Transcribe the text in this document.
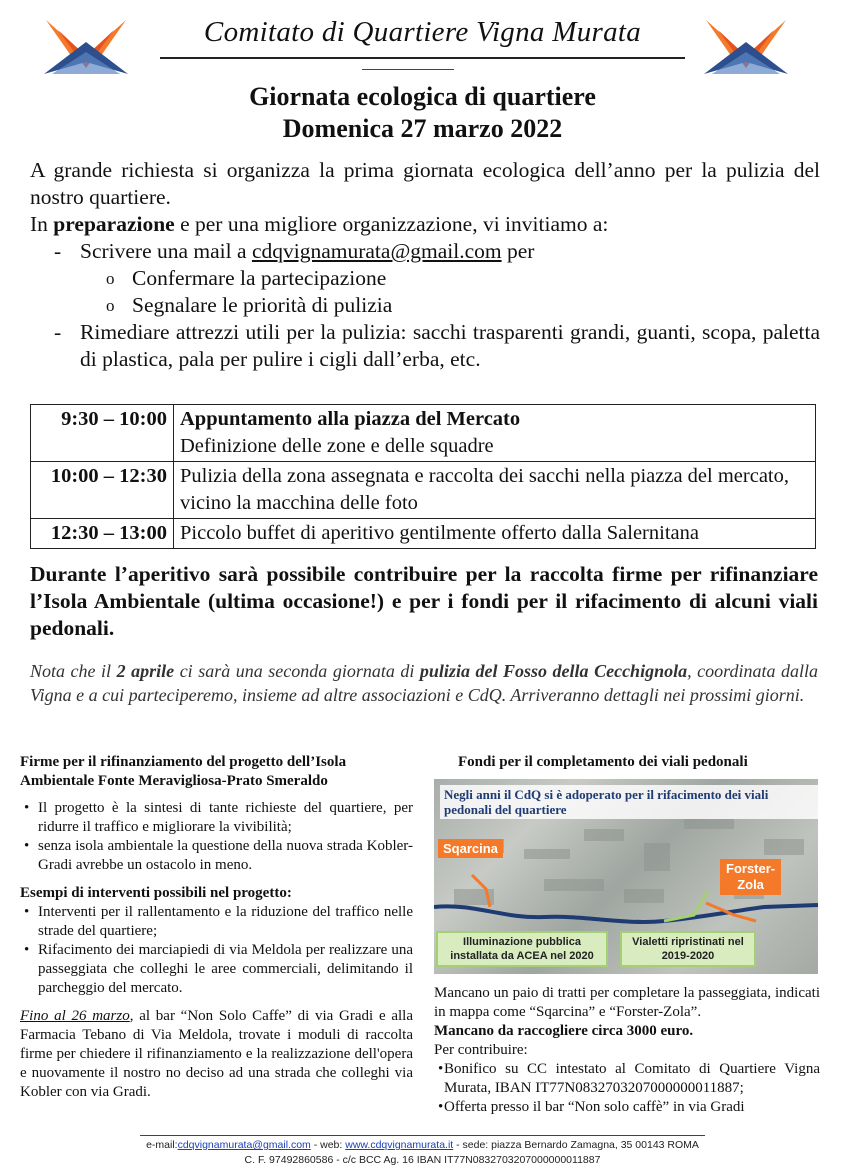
Comitato di Quartiere Vigna Murata
Giornata ecologica di quartiere
Domenica 27 marzo 2022
A grande richiesta si organizza la prima giornata ecologica dell’anno per la pulizia del nostro quartiere.
In preparazione e per una migliore organizzazione, vi invitiamo a:
- Scrivere una mail a cdqvignamurata@gmail.com per
o Confermare la partecipazione
o Segnalare le priorità di pulizia
- Rimediare attrezzi utili per la pulizia: sacchi trasparenti grandi, guanti, scopa, paletta di plastica, pala per pulire i cigli dall’erba, etc.
9:30 – 10:00	Appuntamento alla piazza del Mercato
Definizione delle zone e delle squadre
10:00 – 12:30	Pulizia della zona assegnata e raccolta dei sacchi nella piazza del mercato, vicino la macchina delle foto
12:30 – 13:00	Piccolo buffet di aperitivo gentilmente offerto dalla Salernitana
Durante l’aperitivo sarà possibile contribuire per la raccolta firme per rifinanziare l’Isola Ambientale (ultima occasione!) e per i fondi per il rifacimento di alcuni viali pedonali.
Nota che il 2 aprile ci sarà una seconda giornata di pulizia del Fosso della Cecchignola, coordinata dalla Vigna e a cui parteciperemo, insieme ad altre associazioni e CdQ. Arriveranno dettagli nei prossimi giorni.

Firme per il rifinanziamento del progetto dell’Isola Ambientale Fonte Meravigliosa-Prato Smeraldo

• Il progetto è la sintesi di tante richieste del quartiere, per ridurre il traffico e migliorare la vivibilità;
• senza isola ambientale la questione della nuova strada Kobler-Gradi avrebbe un ostacolo in meno.

Esempi di interventi possibili nel progetto:

• Interventi per il rallentamento e la riduzione del traffico nelle strade del quartiere;
• Rifacimento dei marciapiedi di via Meldola per realizzare una passeggiata che colleghi le aree commerciali, delimitando il parcheggio del mercato.

Fino al 26 marzo, al bar “Non Solo Caffe” di via Gradi e alla Farmacia Tebano di Via Meldola, trovate i moduli di raccolta firme per chiedere il rifinanziamento e la realizzazione dell'opera e nuovamente il nostro no deciso ad una strada che colleghi via Kobler con via Gradi.

Fondi per il completamento dei viali pedonali
Negli anni il CdQ si è adoperato per il rifacimento dei viali pedonali del quartiere
Sqarcina
Forster-
Zola
Illuminazione pubblica installata da ACEA nel 2020
Vialetti ripristinati nel 2019-2020

Mancano un paio di tratti per completare la passeggiata, indicati in mappa come “Sqarcina” e “Forster-Zola”.

Mancano da raccogliere circa 3000 euro.

Per contribuire:

• Bonifico su CC intestato al Comitato di Quartiere Vigna Murata, IBAN IT77N0832703207000000011887;
• Offerta presso il bar “Non solo caffè” in via Gradi
e-mail:cdqvignamurata@gmail.com - web: www.cdqvignamurata.it - sede: piazza Bernardo Zamagna, 35 00143 ROMA
C. F. 97492860586 - c/c BCC Ag. 16 IBAN IT77N0832703207000000011887
